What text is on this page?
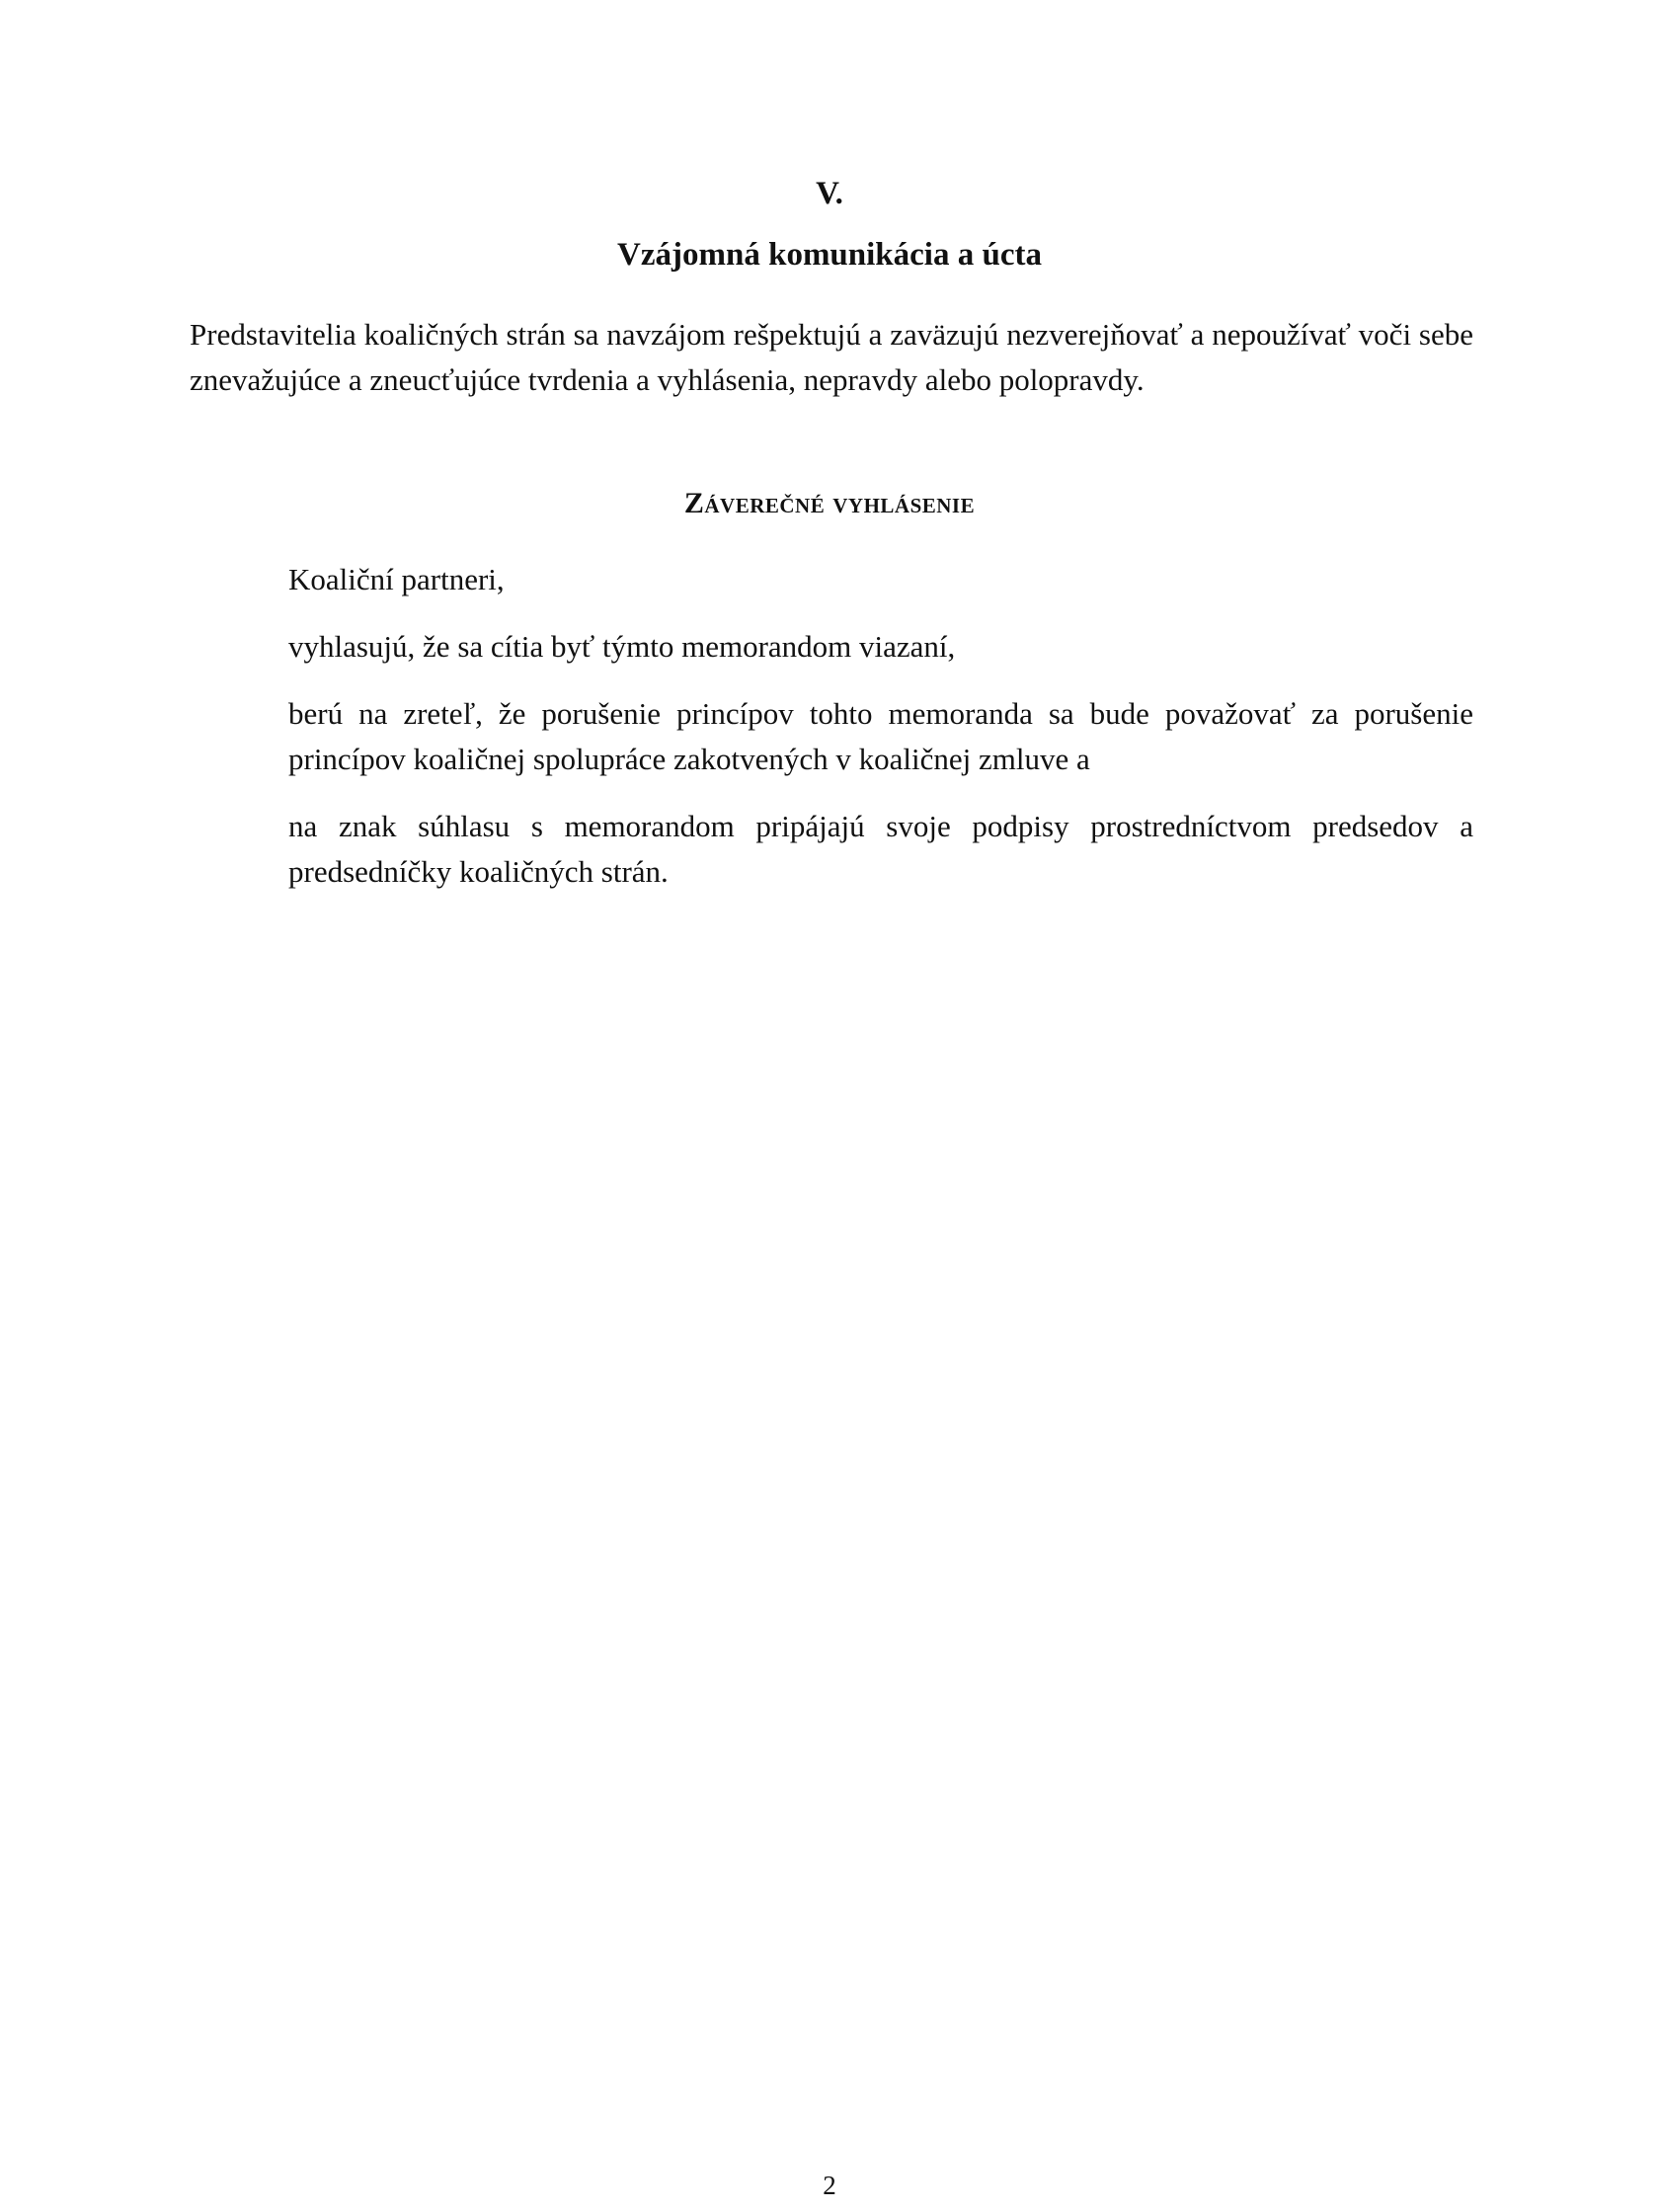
V.
Vzájomná komunikácia a úcta
Predstavitelia koaličných strán sa navzájom rešpektujú a zaväzujú nezverejňovať a nepoužívať voči sebe znevažujúce a zneucťujúce tvrdenia a vyhlásenia, nepravdy alebo polopravdy.
Záverečné vyhlásenie

Koaliční partneri,

vyhlasujú, že sa cítia byť týmto memorandom viazaní,

berú na zreteľ, že porušenie princípov tohto memoranda sa bude považovať za porušenie princípov koaličnej spolupráce zakotvených v koaličnej zmluve a

na znak súhlasu s memorandom pripájajú svoje podpisy prostredníctvom predsedov a predsedníčky koaličných strán.

2
